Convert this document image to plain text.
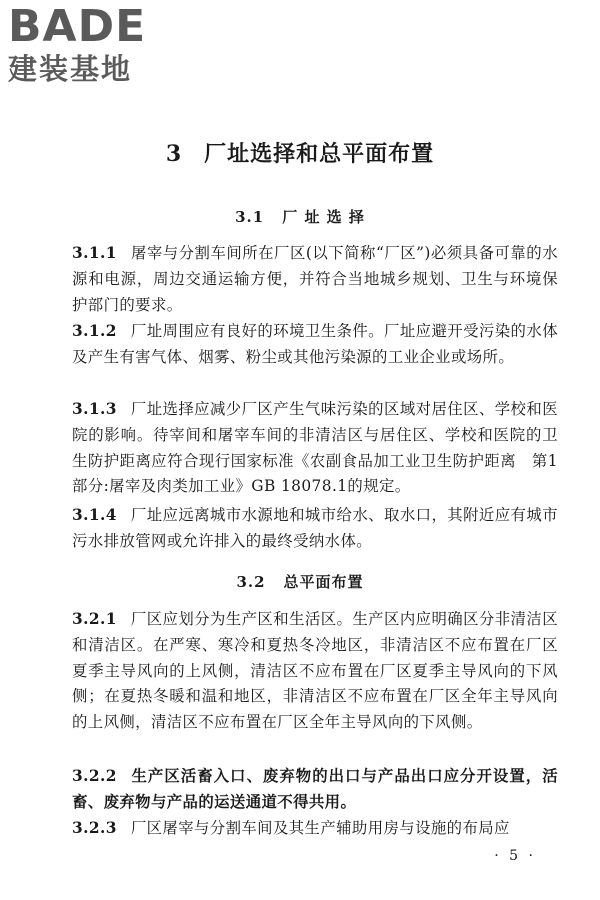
BADE
建装基地
3 厂址选择和总平面布置
3.1 厂 址 选 择
3.1.1 屠宰与分割车间所在厂区(以下简称“厂区”)必须具备可靠的水源和电源，周边交通运输方便，并符合当地城乡规划、卫生与环境保护部门的要求。
3.1.2 厂址周围应有良好的环境卫生条件。厂址应避开受污染的水体及产生有害气体、烟雾、粉尘或其他污染源的工业企业或场所。
3.1.3 厂址选择应减少厂区产生气味污染的区域对居住区、学校和医院的影响。待宰间和屠宰车间的非清洁区与居住区、学校和医院的卫生防护距离应符合现行国家标准《农副食品加工业卫生防护距离　第1部分:屠宰及肉类加工业》GB 18078.1的规定。
3.1.4 厂址应远离城市水源地和城市给水、取水口，其附近应有城市污水排放管网或允许排入的最终受纳水体。
3.2 总平面布置
3.2.1 厂区应划分为生产区和生活区。生产区内应明确区分非清洁区和清洁区。在严寒、寒冷和夏热冬冷地区，非清洁区不应布置在厂区夏季主导风向的上风侧，清洁区不应布置在厂区夏季主导风向的下风侧；在夏热冬暖和温和地区，非清洁区不应布置在厂区全年主导风向的上风侧，清洁区不应布置在厂区全年主导风向的下风侧。
3.2.2 生产区活畜入口、废弃物的出口与产品出口应分开设置，活畜、废弃物与产品的运送通道不得共用。
3.2.3 厂区屠宰与分割车间及其生产辅助用房与设施的布局应
· 5 ·
